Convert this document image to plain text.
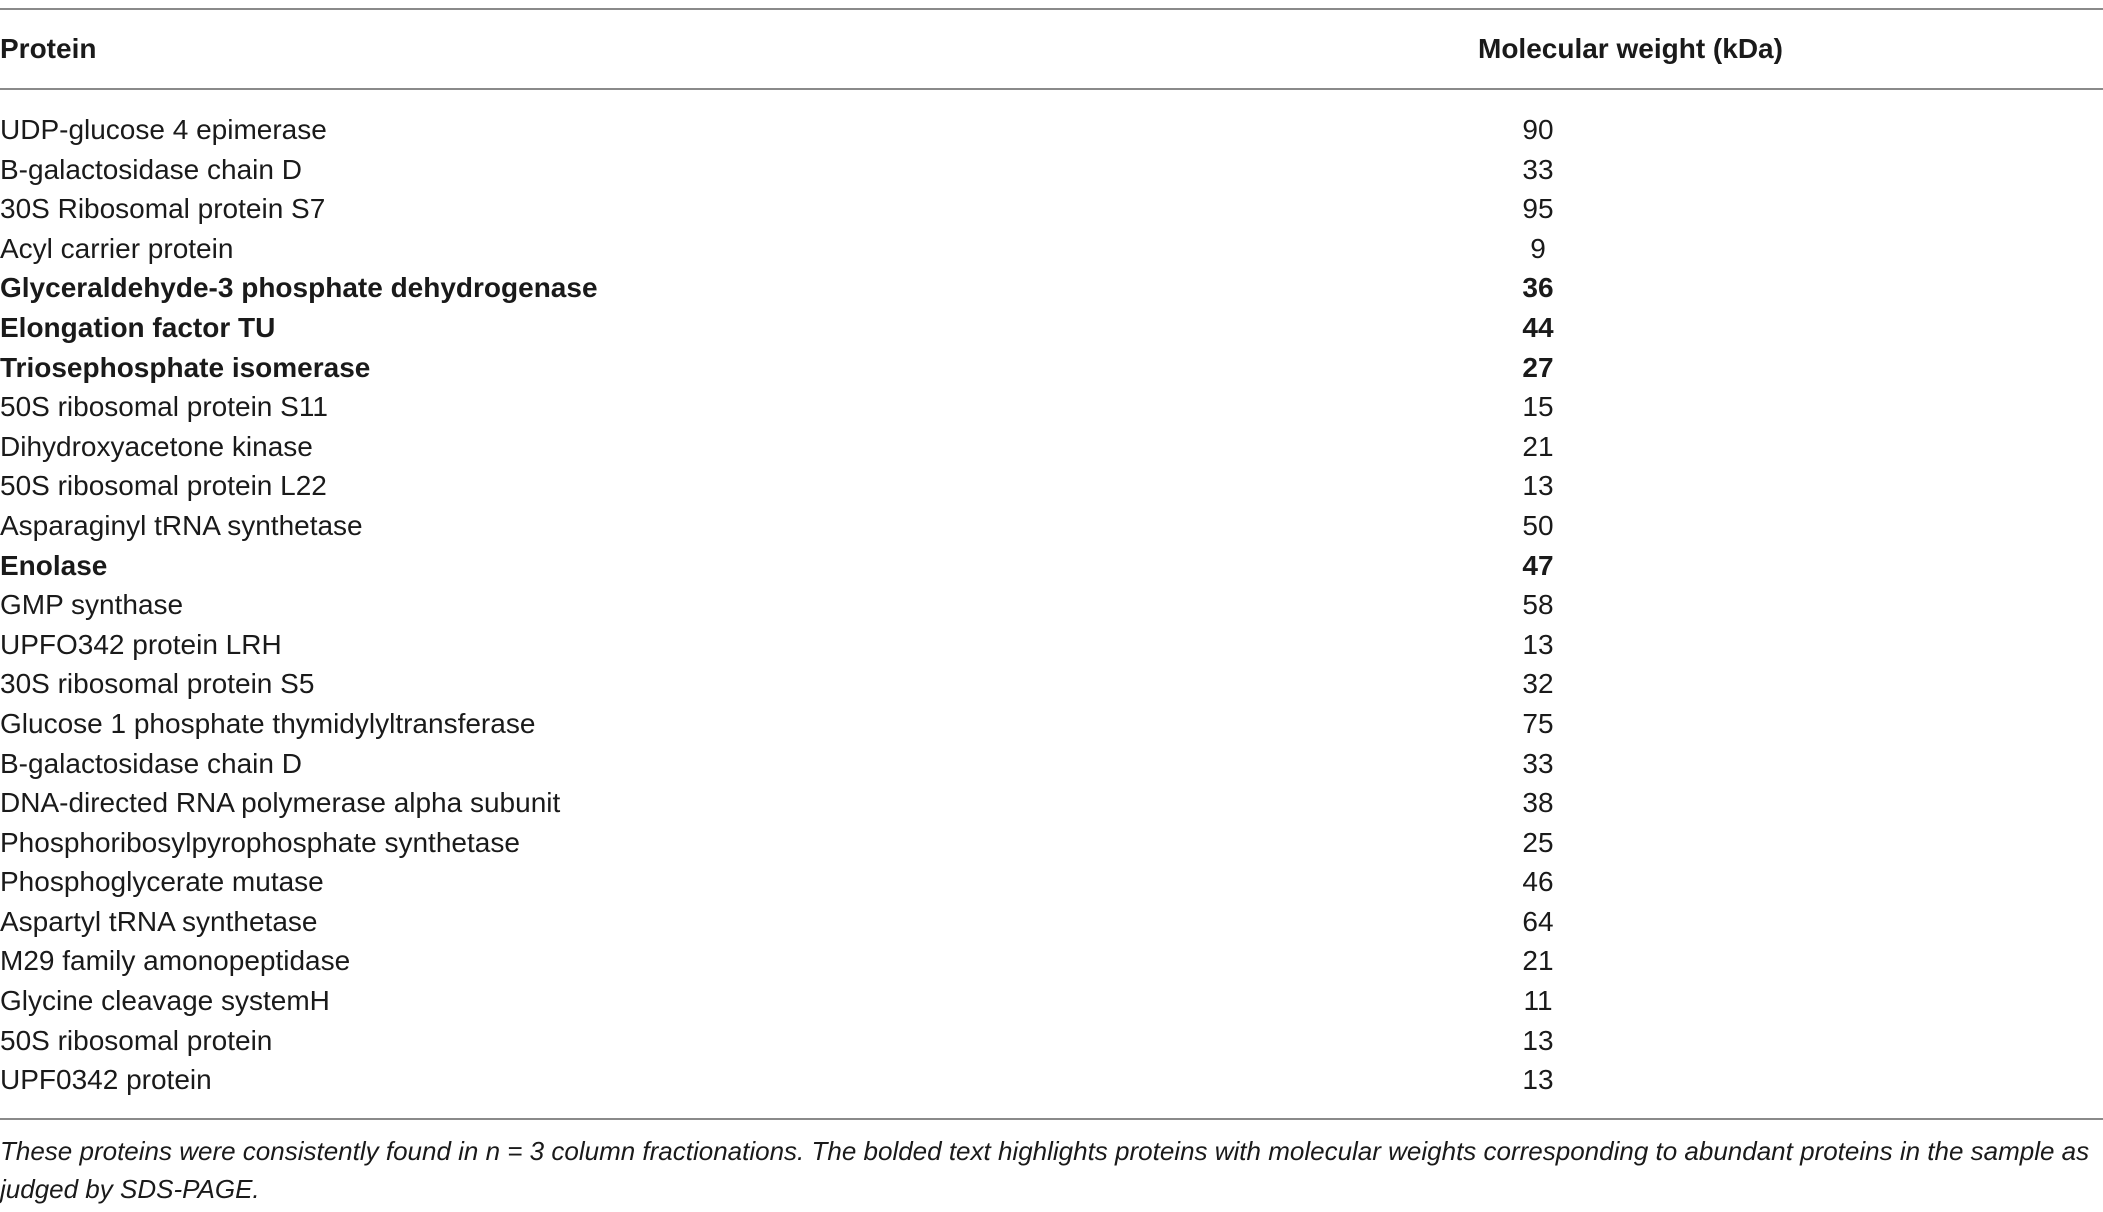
Protein	Molecular weight (kDa)
UDP-glucose 4 epimerase	90
B-galactosidase chain D	33
30S Ribosomal protein S7	95
Acyl carrier protein	9
Glyceraldehyde-3 phosphate dehydrogenase	36
Elongation factor TU	44
Triosephosphate isomerase	27
50S ribosomal protein S11	15
Dihydroxyacetone kinase	21
50S ribosomal protein L22	13
Asparaginyl tRNA synthetase	50
Enolase	47
GMP synthase	58
UPFO342 protein LRH	13
30S ribosomal protein S5	32
Glucose 1 phosphate thymidylyltransferase	75
B-galactosidase chain D	33
DNA-directed RNA polymerase alpha subunit	38
Phosphoribosylpyrophosphate synthetase	25
Phosphoglycerate mutase	46
Aspartyl tRNA synthetase	64
M29 family amonopeptidase	21
Glycine cleavage systemH	11
50S ribosomal protein	13
UPF0342 protein	13
These proteins were consistently found in n = 3 column fractionations. The bolded text highlights proteins with molecular weights corresponding to abundant proteins in the sample as judged by SDS-PAGE.
